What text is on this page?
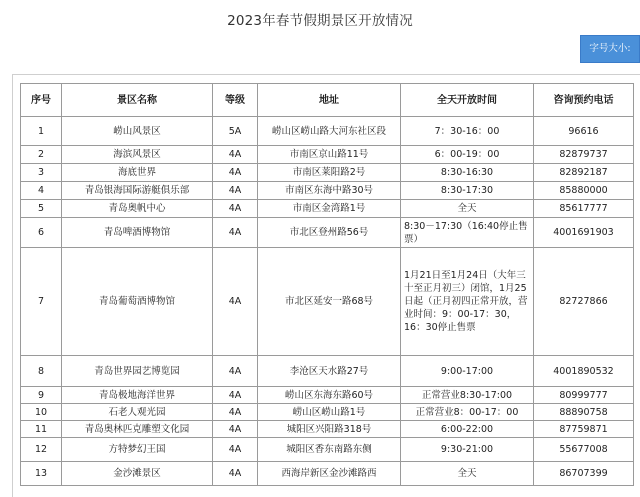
2023年春节假期景区开放情况
字号大小:
序号	景区名称	等级	地址	全天开放时间	咨询预约电话
1	崂山风景区	5A	崂山区崂山路大河东社区段	7：30-16：00	96616
2	海滨风景区	4A	市南区京山路11号	6：00-19：00	82879737
3	海底世界	4A	市南区莱阳路2号	8:30-16:30	82892187
4	青岛银海国际游艇俱乐部	4A	市南区东海中路30号	8:30-17:30	85880000
5	青岛奥帆中心	4A	市南区金湾路1号	全天	85617777
6	青岛啤酒博物馆	4A	市北区登州路56号	8:30－17:30（16:40停止售票）	4001691903
7	青岛葡萄酒博物馆	4A	市北区延安一路68号	1月21日至1月24日（大年三十至正月初三）闭馆，1月25日起（正月初四正常开放，营业时间：9：00-17：30，16：30停止售票	82727866
8	青岛世界园艺博览园	4A	李沧区天水路27号	9:00-17:00	4001890532
9	青岛极地海洋世界	4A	崂山区东海东路60号	正常营业8:30-17:00	80999777
10	石老人观光园	4A	崂山区崂山路1号	正常营业8：00-17：00	88890758
11	青岛奥林匹克雕塑文化园	4A	城阳区兴阳路318号	6:00-22:00	87759871
12	方特梦幻王国	4A	城阳区香东南路东侧	9:30-21:00	55677008
13	金沙滩景区	4A	西海岸新区金沙滩路西	全天	86707399
